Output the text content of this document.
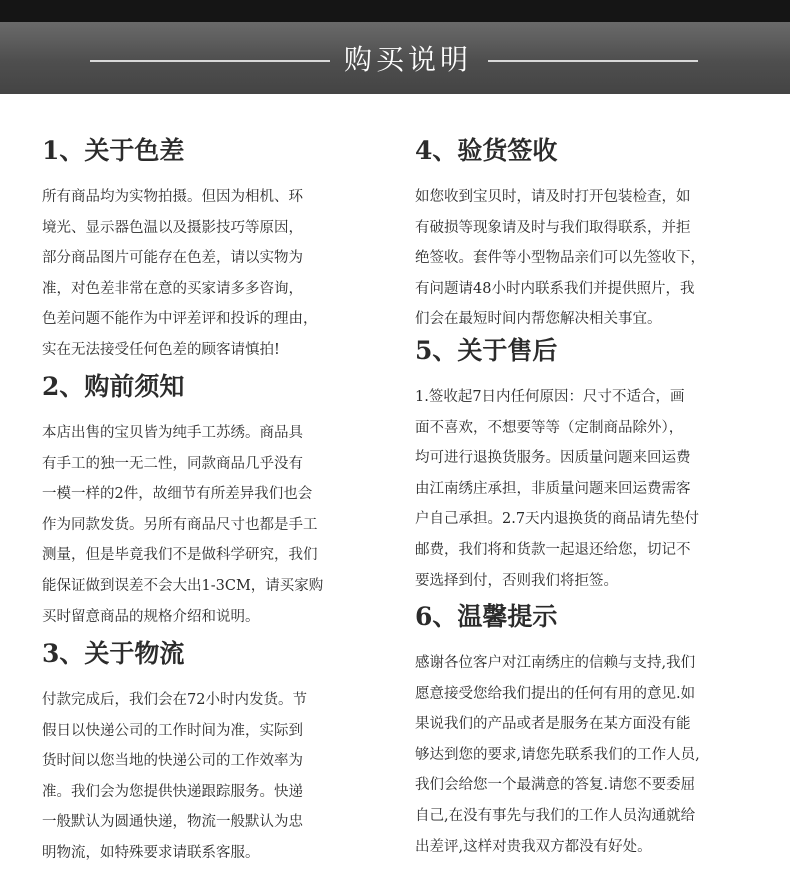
购买说明
1、关于色差
所有商品均为实物拍摄。但因为相机、环
境光、显示器色温以及摄影技巧等原因，
部分商品图片可能存在色差，请以实物为
准，对色差非常在意的买家请多多咨询，
色差问题不能作为中评差评和投诉的理由，
实在无法接受任何色差的顾客请慎拍!
2、购前须知
本店出售的宝贝皆为纯手工苏绣。商品具
有手工的独一无二性，同款商品几乎没有
一模一样的2件，故细节有所差异我们也会
作为同款发货。另所有商品尺寸也都是手工
测量，但是毕竟我们不是做科学研究，我们
能保证做到误差不会大出1-3CM，请买家购
买时留意商品的规格介绍和说明。
3、关于物流
付款完成后，我们会在72小时内发货。节
假日以快递公司的工作时间为准，实际到
货时间以您当地的快递公司的工作效率为
准。我们会为您提供快递跟踪服务。快递
一般默认为圆通快递，物流一般默认为忠
明物流，如特殊要求请联系客服。
4、验货签收
如您收到宝贝时，请及时打开包装检查，如
有破损等现象请及时与我们取得联系，并拒
绝签收。套件等小型物品亲们可以先签收下，
有问题请48小时内联系我们并提供照片，我
们会在最短时间内帮您解决相关事宜。
5、关于售后
1.签收起7日内任何原因：尺寸不适合，画
面不喜欢，不想要等等（定制商品除外），
均可进行退换货服务。因质量问题来回运费
由江南绣庄承担，非质量问题来回运费需客
户自己承担。2.7天内退换货的商品请先垫付
邮费，我们将和货款一起退还给您，切记不
要选择到付，否则我们将拒签。
6、温馨提示
感谢各位客户对江南绣庄的信赖与支持,我们
愿意接受您给我们提出的任何有用的意见.如
果说我们的产品或者是服务在某方面没有能
够达到您的要求,请您先联系我们的工作人员,
我们会给您一个最满意的答复.请您不要委屈
自己,在没有事先与我们的工作人员沟通就给
出差评,这样对贵我双方都没有好处。
